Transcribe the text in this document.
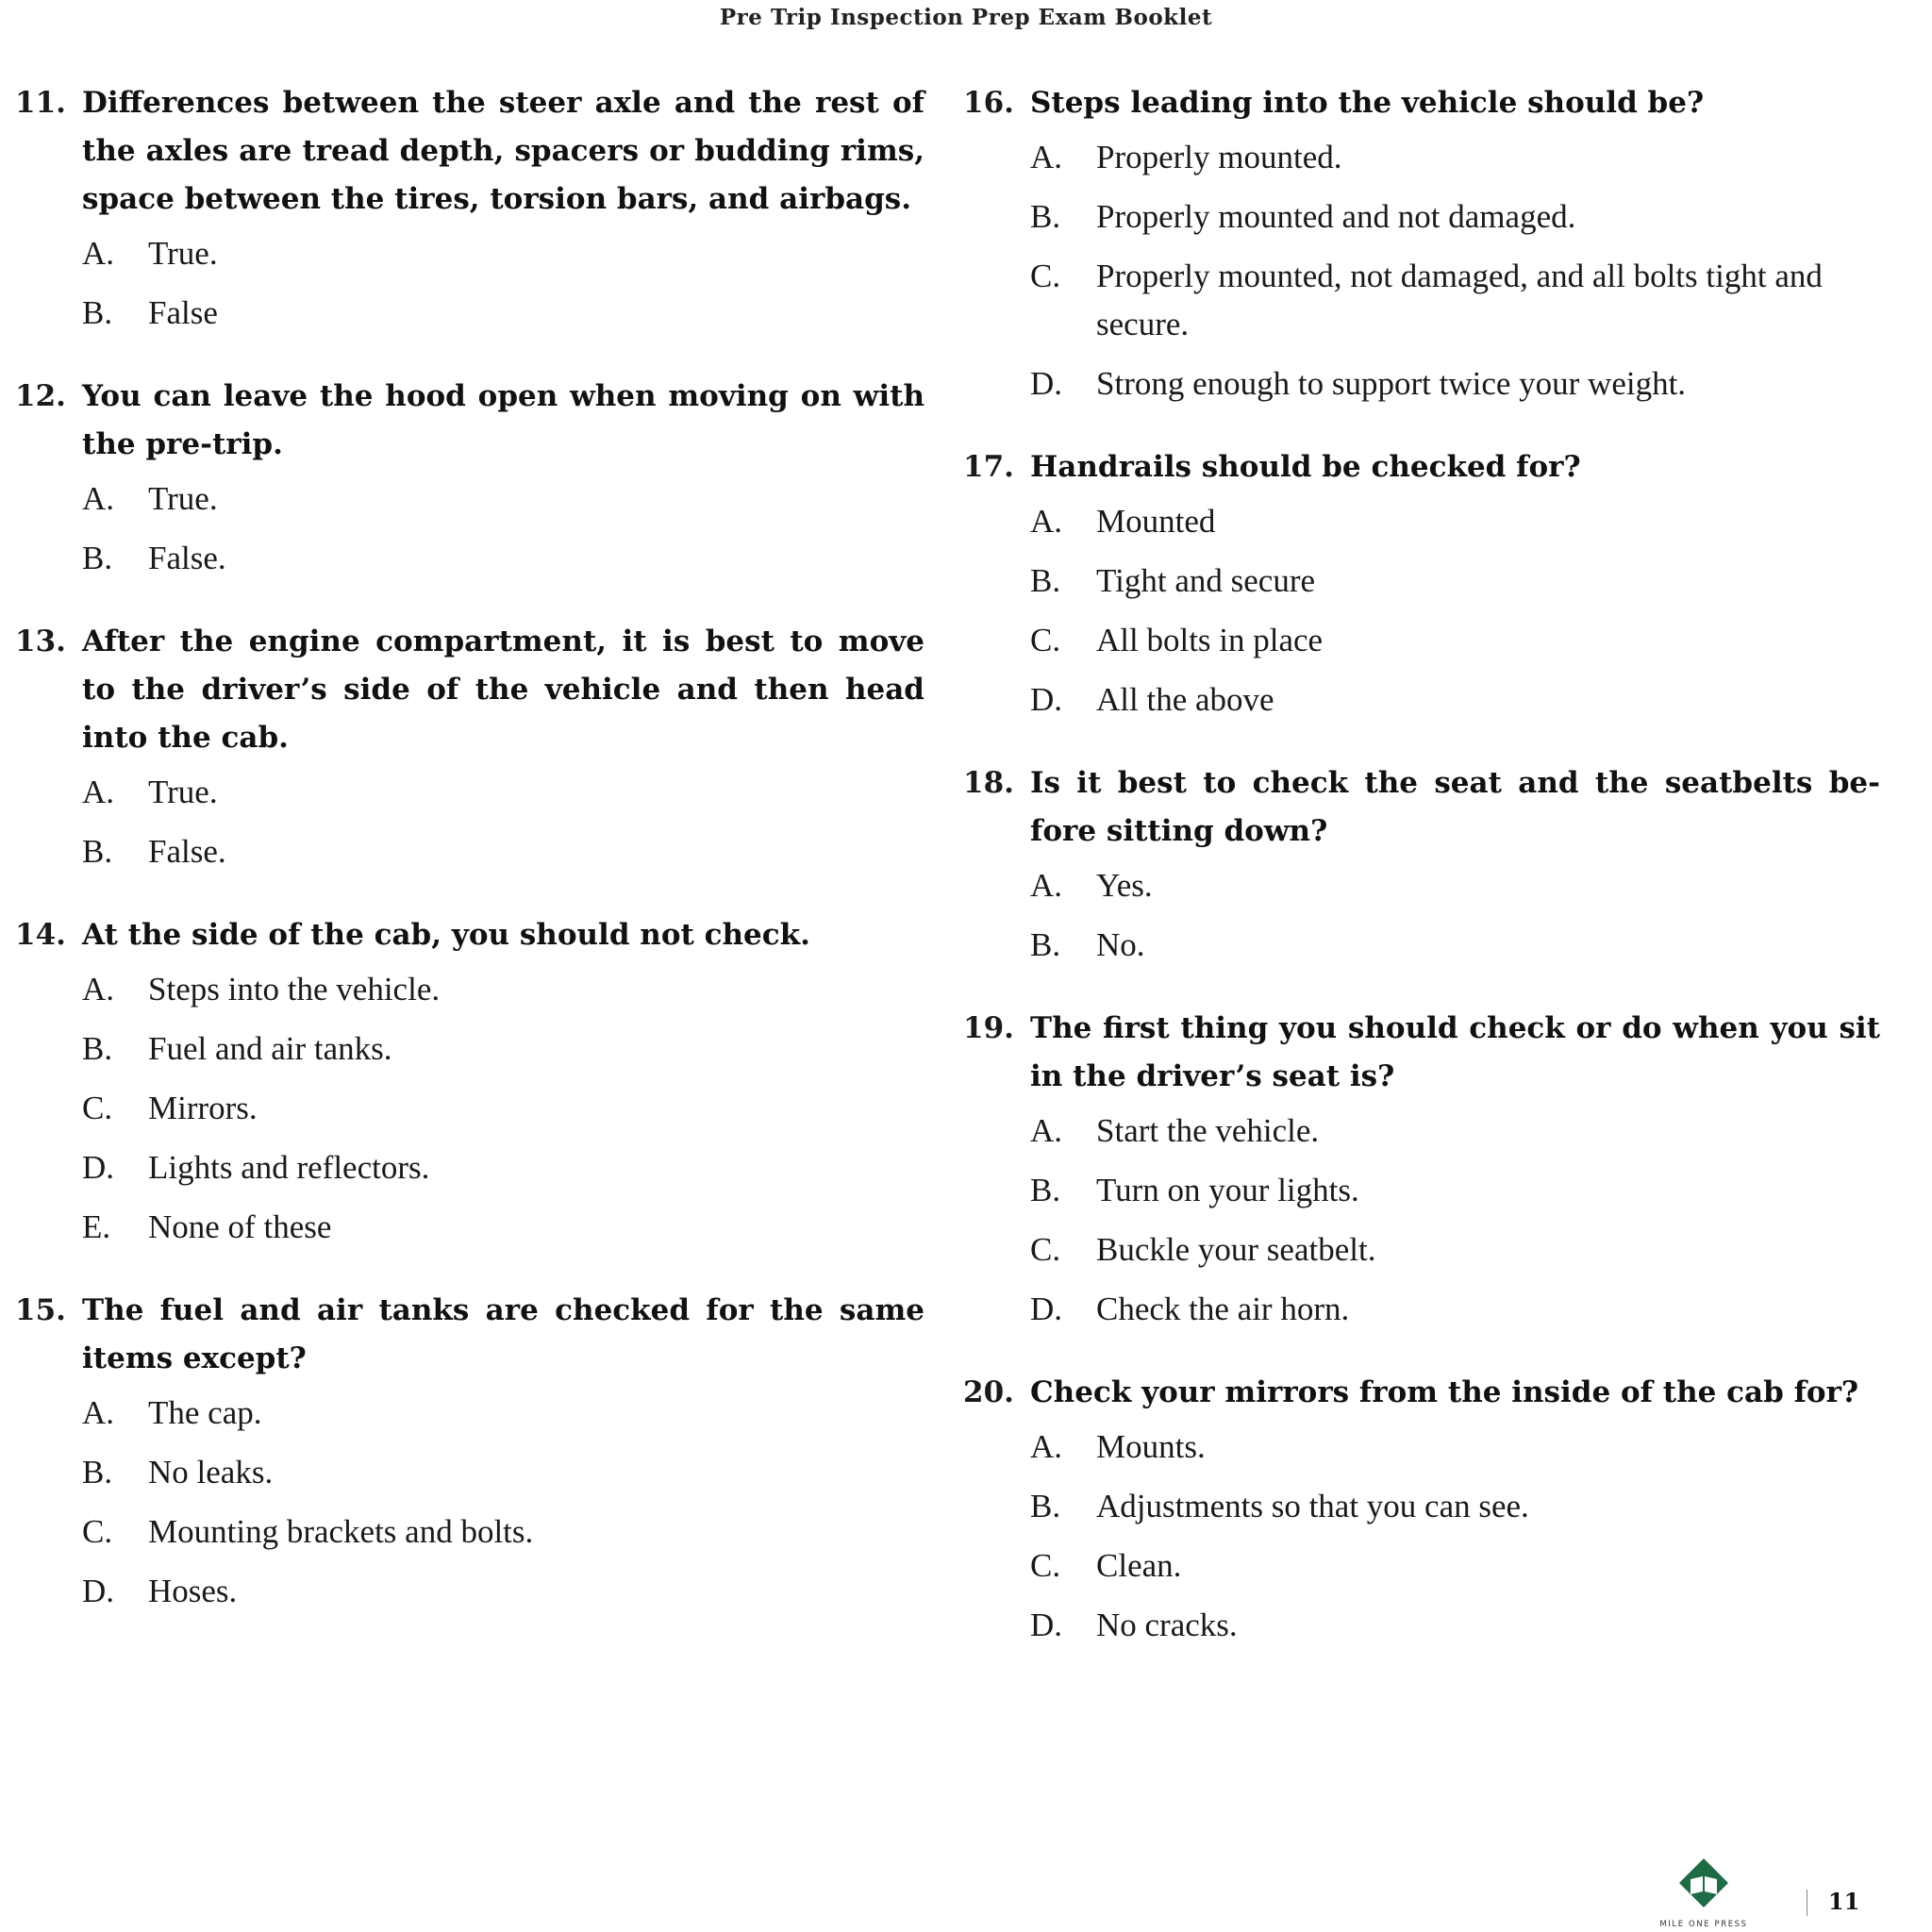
Pre Trip Inspection Prep Exam Booklet
11. Differences between the steer axle and the rest of the axles are tread depth, spacers or budding rims, space between the tires, torsion bars, and airbags.
A. True.
B. False
12. You can leave the hood open when moving on with the pre-trip.
A. True.
B. False.
13. After the engine compartment, it is best to move to the driver’s side of the vehicle and then head into the cab.
A. True.
B. False.
14. At the side of the cab, you should not check.
A. Steps into the vehicle.
B. Fuel and air tanks.
C. Mirrors.
D. Lights and reflectors.
E. None of these
15. The fuel and air tanks are checked for the same items except?
A. The cap.
B. No leaks.
C. Mounting brackets and bolts.
D. Hoses.
16. Steps leading into the vehicle should be?
A. Properly mounted.
B. Properly mounted and not damaged.
C. Properly mounted, not damaged, and all bolts tight and secure.
D. Strong enough to support twice your weight.
17. Handrails should be checked for?
A. Mounted
B. Tight and secure
C. All bolts in place
D. All the above
18. Is it best to check the seat and the seatbelts be-fore sitting down?
A. Yes.
B. No.
19. The first thing you should check or do when you sit in the driver’s seat is?
A. Start the vehicle.
B. Turn on your lights.
C. Buckle your seatbelt.
D. Check the air horn.
20. Check your mirrors from the inside of the cab for?
A. Mounts.
B. Adjustments so that you can see.
C. Clean.
D. No cracks.
MILE ONE PRESS
11
